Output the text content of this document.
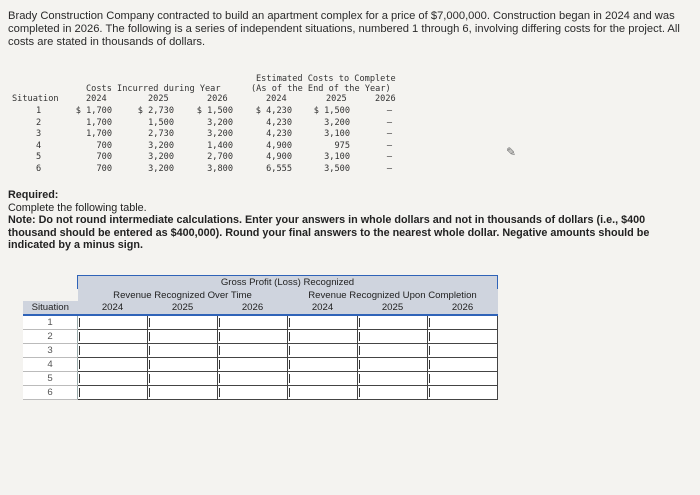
Brady Construction Company contracted to build an apartment complex for a price of $7,000,000. Construction began in 2024 and was completed in 2026. The following is a series of independent situations, numbered 1 through 6, involving differing costs for the project. All costs are stated in thousands of dollars.
Estimated Costs to Complete
(As of the End of the Year)
Costs Incurred during Year
Situation	2024	2025	2026	2024	2025	2026
1	$ 1,700	$ 2,730	$ 1,500	$ 4,230	$ 1,500	–
2	1,700	1,500	3,200	4,230	3,200	–
3	1,700	2,730	3,200	4,230	3,100	–
4	700	3,200	1,400	4,900	975	–
5	700	3,200	2,700	4,900	3,100	–
6	700	3,200	3,800	6,555	3,500	–
✎
Required:
Complete the following table.
Note: Do not round intermediate calculations. Enter your answers in whole dollars and not in thousands of dollars (i.e., $400 thousand should be entered as $400,000). Round your final answers to the nearest whole dollar. Negative amounts should be indicated by a minus sign.
	Gross Profit (Loss) Recognized					
	Revenue Recognized Over Time			Revenue Recognized Upon Completion		
Situation	2024	2025	2026	2024	2025	2026
1	

2	

3	

4	

5	

6	
